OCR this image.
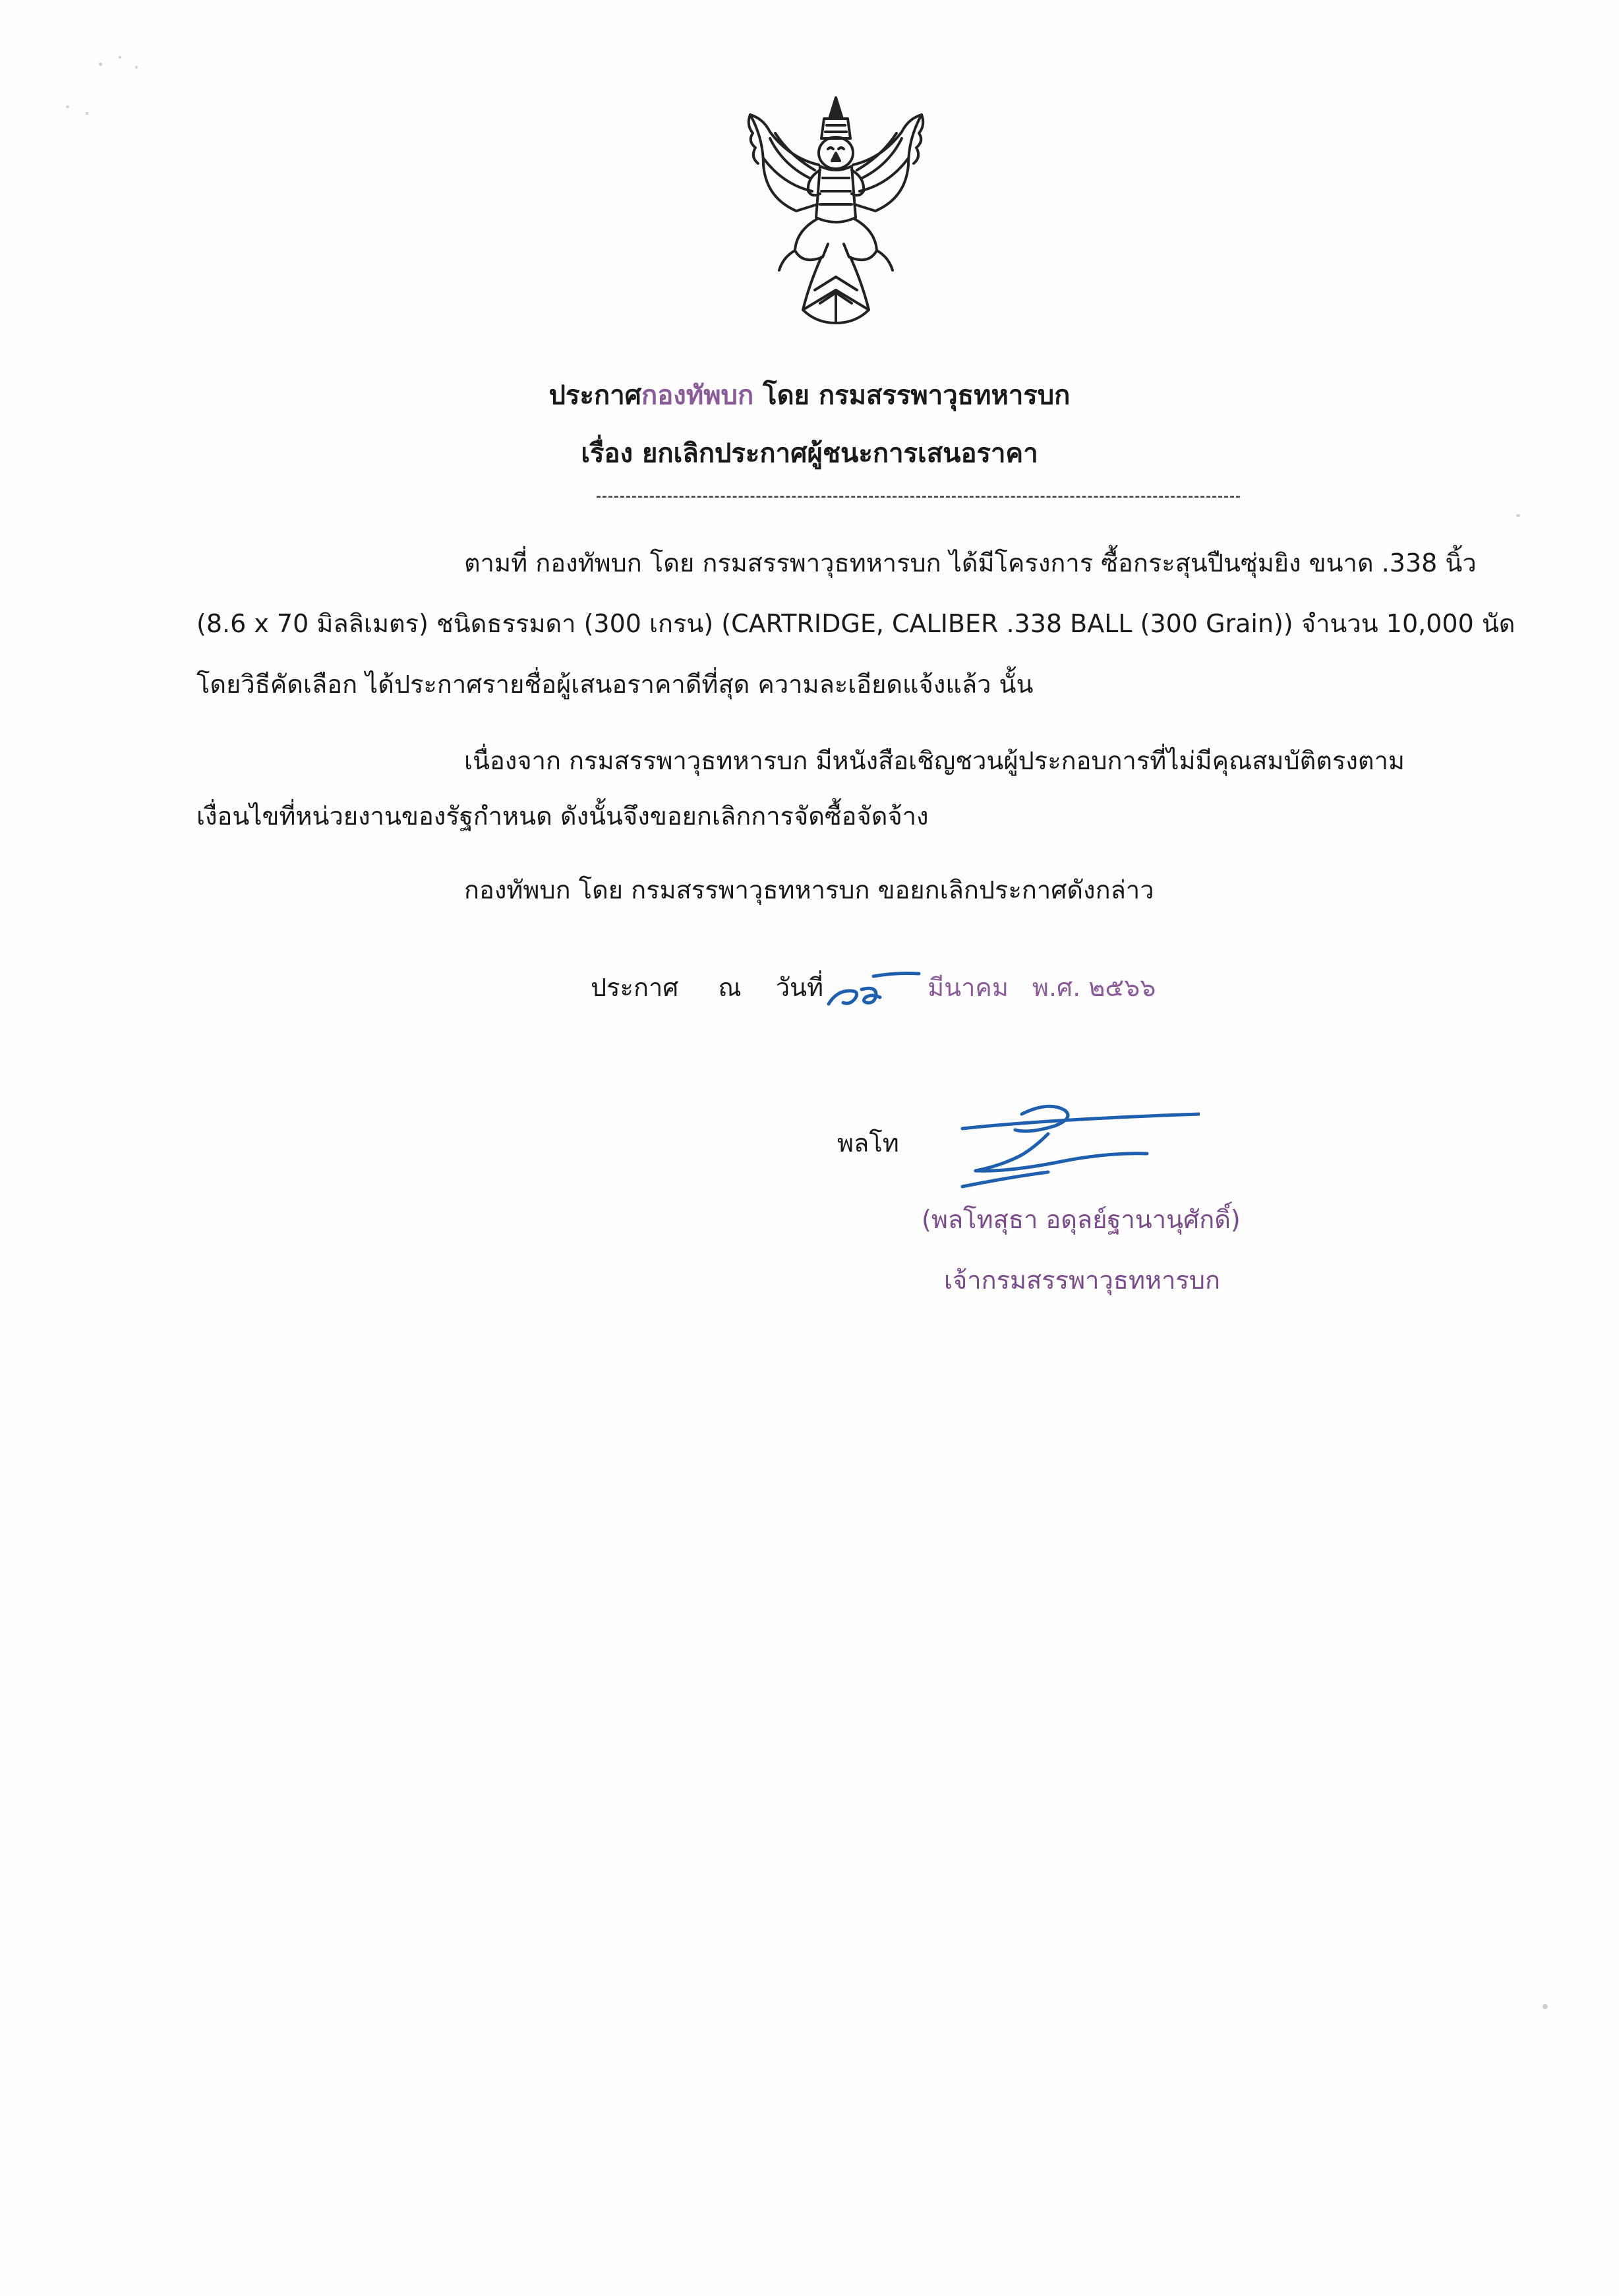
ประกาศกองทัพบก โดย กรมสรรพาวุธทหารบก
เรื่อง ยกเลิกประกาศผู้ชนะการเสนอราคา
ตามที่ กองทัพบก โดย กรมสรรพาวุธทหารบก ได้มีโครงการ ซื้อกระสุนปืนซุ่มยิง ขนาด .338 นิ้ว
(8.6 x 70 มิลลิเมตร) ชนิดธรรมดา (300 เกรน) (CARTRIDGE, CALIBER .338 BALL (300 Grain)) จำนวน 10,000 นัด
โดยวิธีคัดเลือก ได้ประกาศรายชื่อผู้เสนอราคาดีที่สุด ความละเอียดแจ้งแล้ว นั้น
เนื่องจาก กรมสรรพาวุธทหารบก มีหนังสือเชิญชวนผู้ประกอบการที่ไม่มีคุณสมบัติตรงตาม
เงื่อนไขที่หน่วยงานของรัฐกำหนด ดังนั้นจึงขอยกเลิกการจัดซื้อจัดจ้าง
กองทัพบก โดย กรมสรรพาวุธทหารบก ขอยกเลิกประกาศดังกล่าว
ประกาศ ณ วันที่	มีนาคม พ.ศ. ๒๕๖๖
พลโท
(พลโทสุธา อดุลย์ฐานานุศักดิ์)
เจ้ากรมสรรพาวุธทหารบก
